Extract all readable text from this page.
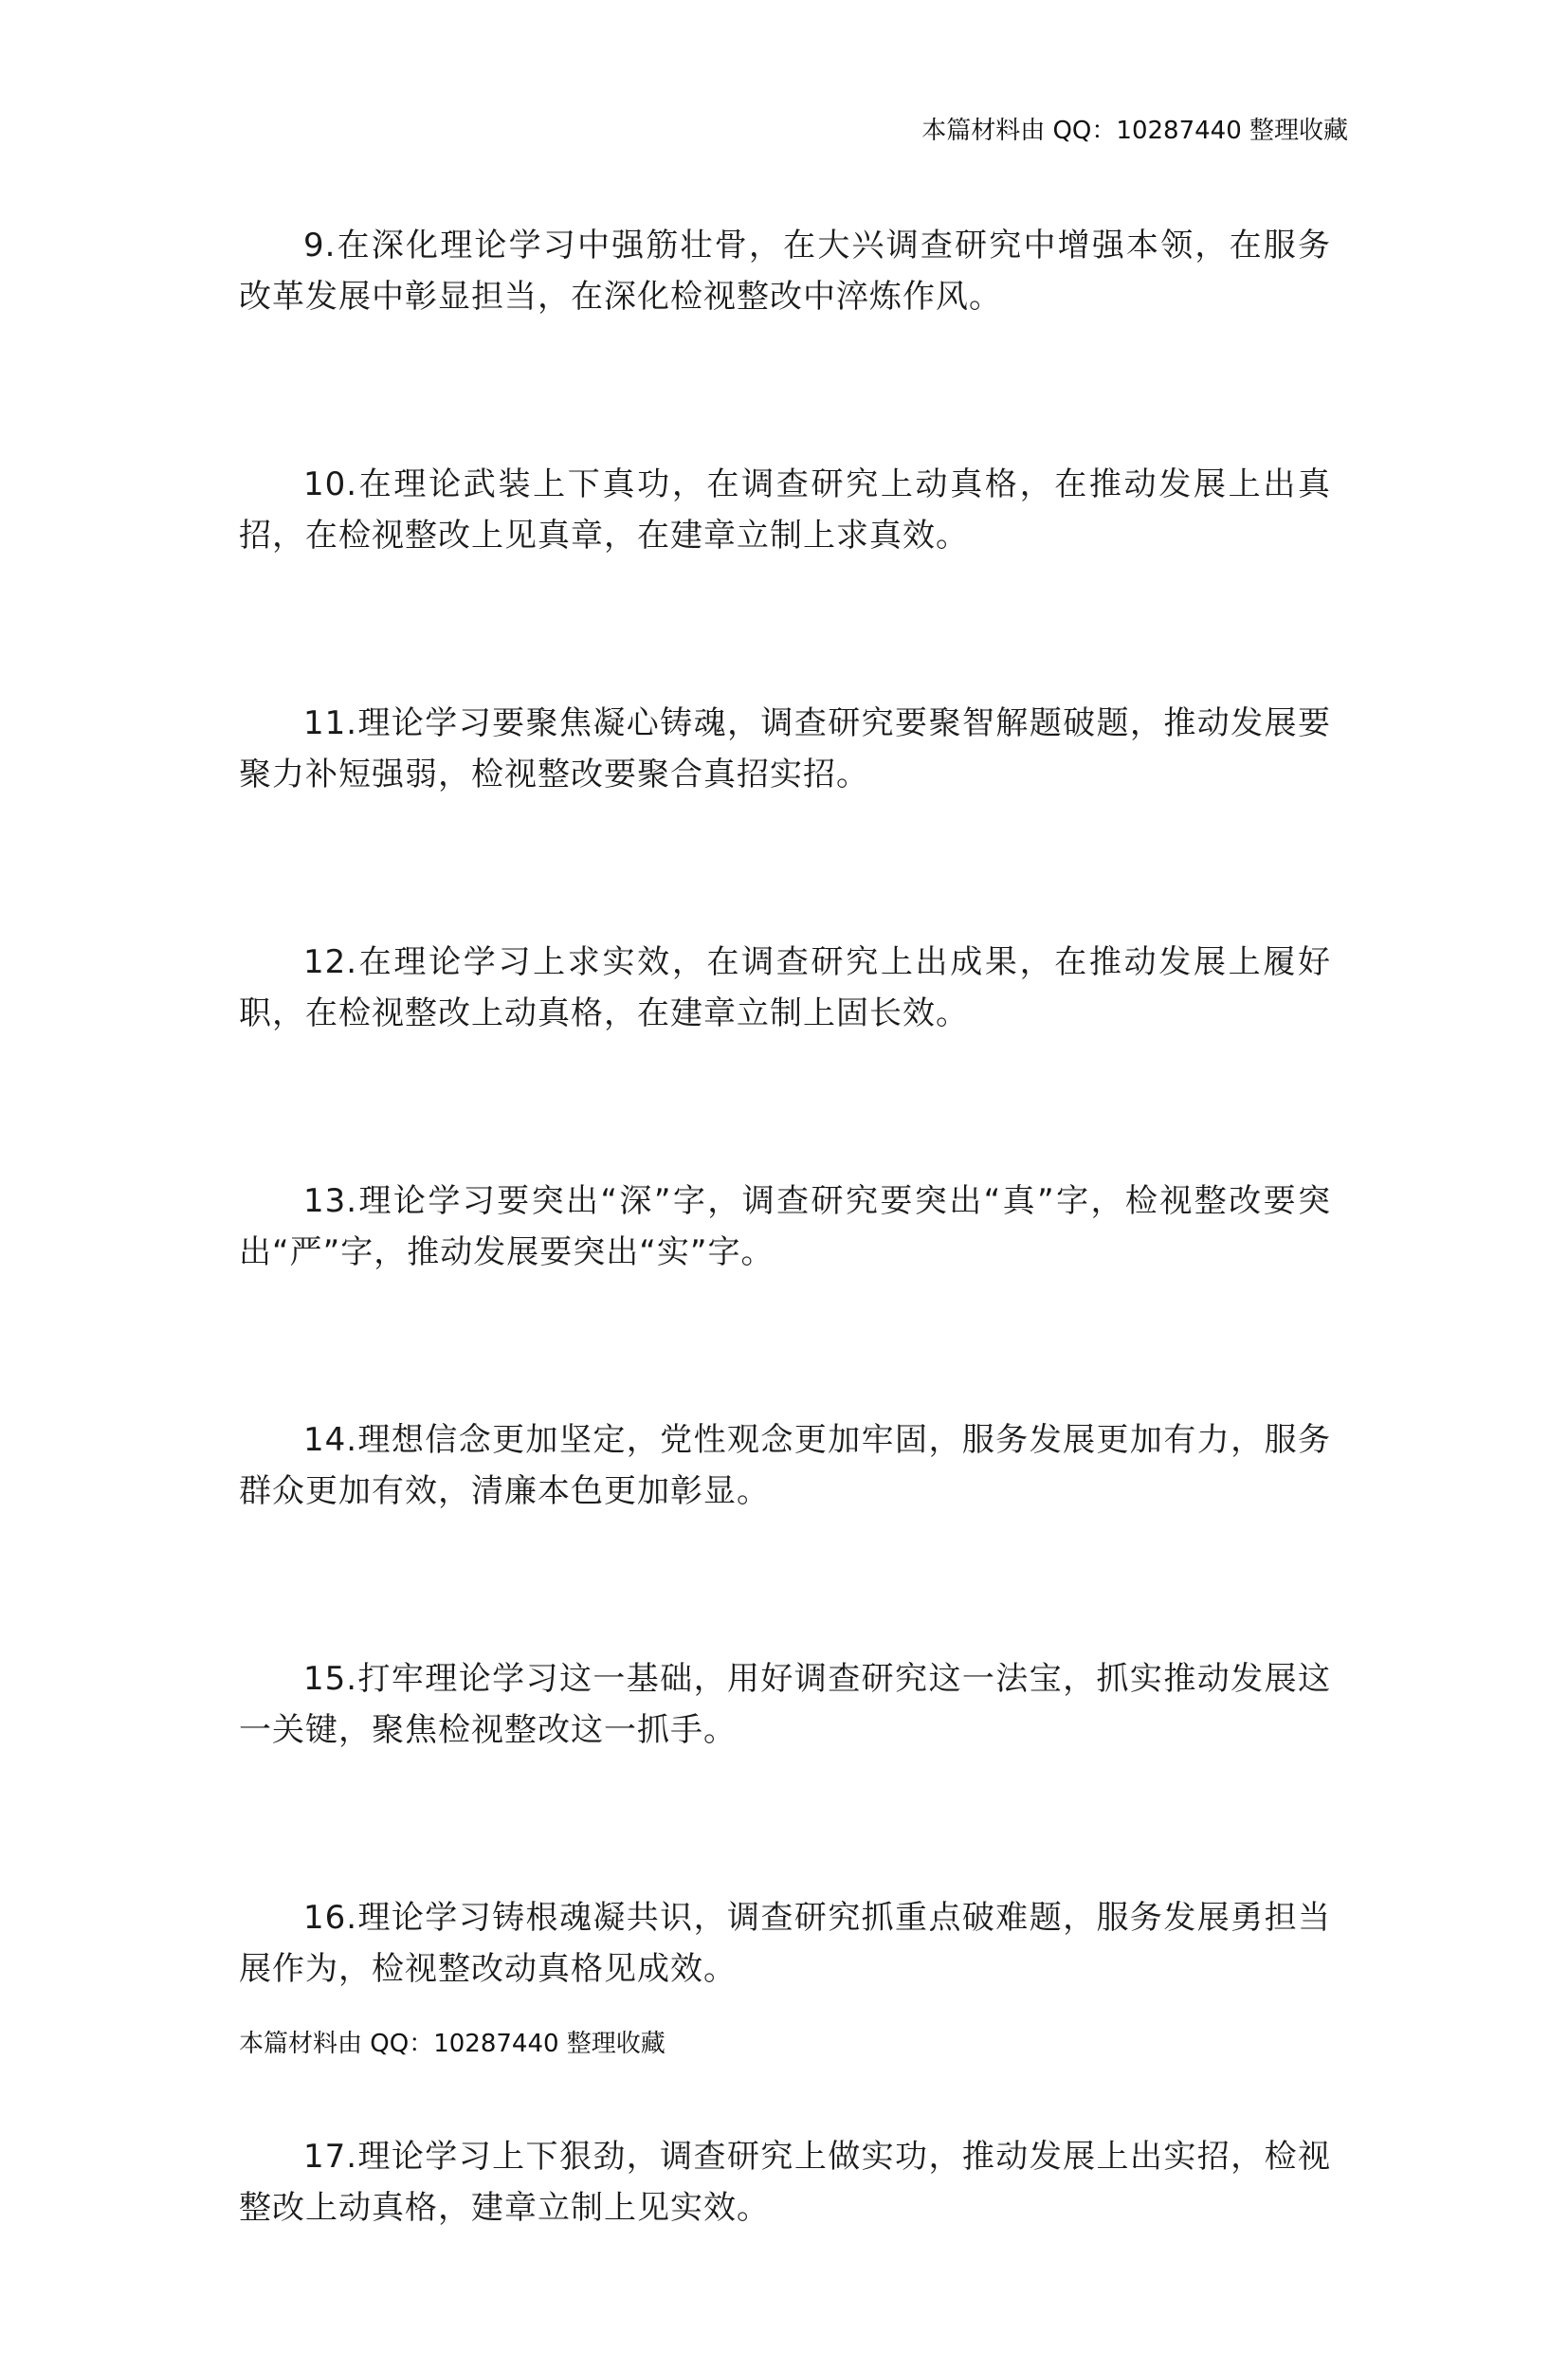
本篇材料由 QQ：10287440 整理收藏

9.在深化理论学习中强筋壮骨，在大兴调查研究中增强本领，在服务改革发展中彰显担当，在深化检视整改中淬炼作风。

10.在理论武装上下真功，在调查研究上动真格，在推动发展上出真招，在检视整改上见真章，在建章立制上求真效。

11.理论学习要聚焦凝心铸魂，调查研究要聚智解题破题，推动发展要聚力补短强弱，检视整改要聚合真招实招。

12.在理论学习上求实效，在调查研究上出成果，在推动发展上履好职，在检视整改上动真格，在建章立制上固长效。

13.理论学习要突出“深”字，调查研究要突出“真”字，检视整改要突出“严”字，推动发展要突出“实”字。

14.理想信念更加坚定，党性观念更加牢固，服务发展更加有力，服务群众更加有效，清廉本色更加彰显。

15.打牢理论学习这一基础，用好调查研究这一法宝，抓实推动发展这一关键，聚焦检视整改这一抓手。

16.理论学习铸根魂凝共识，调查研究抓重点破难题，服务发展勇担当展作为，检视整改动真格见成效。

17.理论学习上下狠劲，调查研究上做实功，推动发展上出实招，检视整改上动真格，建章立制上见实效。

本篇材料由 QQ：10287440 整理收藏
